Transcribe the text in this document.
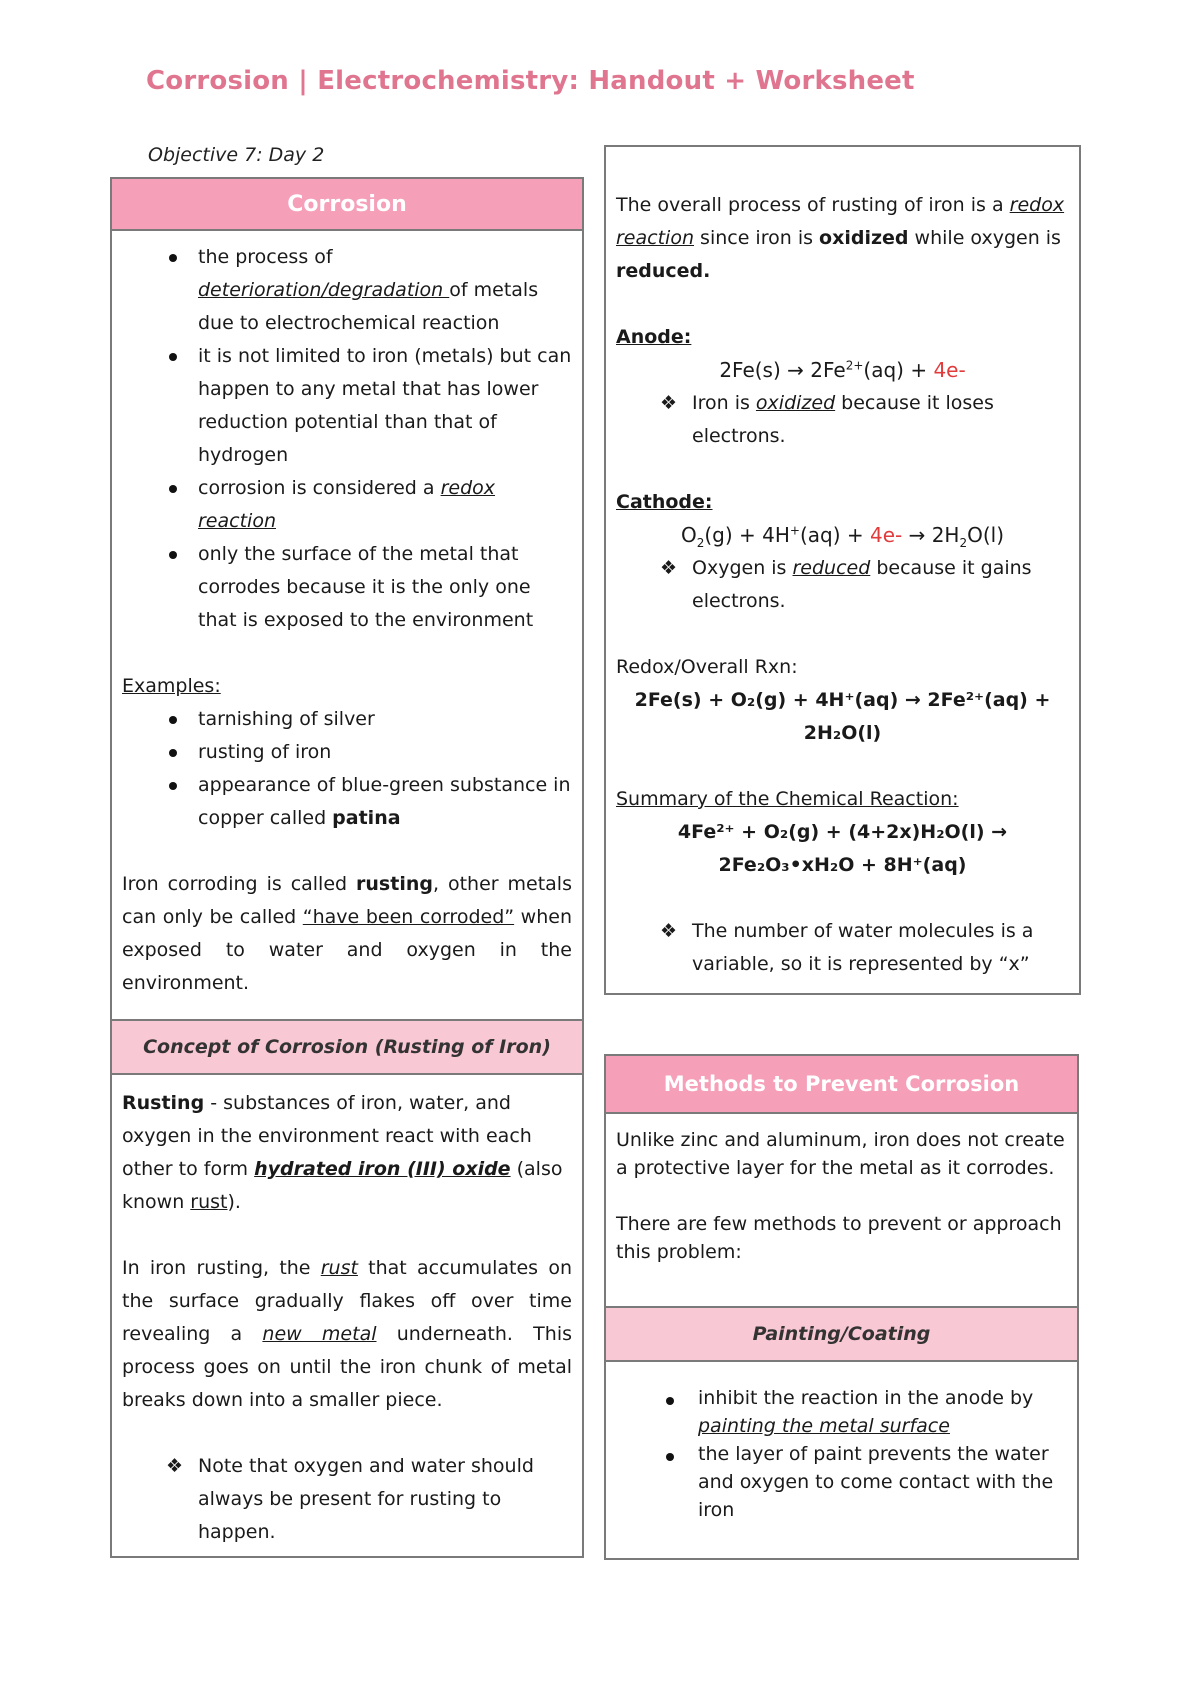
Corrosion | Electrochemistry: Handout + Worksheet
Objective 7: Day 2
Corrosion
the process of deterioration/degradation of metals due to electrochemical reaction
it is not limited to iron (metals) but can happen to any metal that has lower reduction potential than that of hydrogen
corrosion is considered a redox reaction
only the surface of the metal that corrodes because it is the only one that is exposed to the environment

Examples:

tarnishing of silver
rusting of iron
appearance of blue-green substance in copper called patina

Iron corroding is called rusting, other metals can only be called “have been corroded” when exposed to water and oxygen in the environment.

Concept of Corrosion (Rusting of Iron)

Rusting - substances of iron, water, and oxygen in the environment react with each other to form hydrated iron (III) oxide (also known rust).

In iron rusting, the rust that accumulates on the surface gradually flakes off over time revealing a new metal underneath. This process goes on until the iron chunk of metal breaks down into a smaller piece.

❖ Note that oxygen and water should always be present for rusting to happen.

The overall process of rusting of iron is a redox reaction since iron is oxidized while oxygen is reduced.

Anode:

$2Fe(s) \to 2Fe^{2+}(aq) + 4e-$

❖ Iron is oxidized because it loses electrons.

Cathode:

$O_2(g) + 4H^+(aq) + 4e- \to 2H_2O(l)$

❖ Oxygen is reduced because it gains electrons.

Redox/Overall Rxn:

2Fe(s) + O₂(g) + 4H⁺(aq) → 2Fe²⁺(aq) +

2H₂O(l)

Summary of the Chemical Reaction:

4Fe²⁺ + O₂(g) + (4+2x)H₂O(l) →

2Fe₂O₃•xH₂O + 8H⁺(aq)

❖ The number of water molecules is a variable, so it is represented by “x”
Methods to Prevent Corrosion

Unlike zinc and aluminum, iron does not create a protective layer for the metal as it corrodes.

There are few methods to prevent or approach this problem:

Painting/Coating
inhibit the reaction in the anode by painting the metal surface
the layer of paint prevents the water and oxygen to come contact with the iron
